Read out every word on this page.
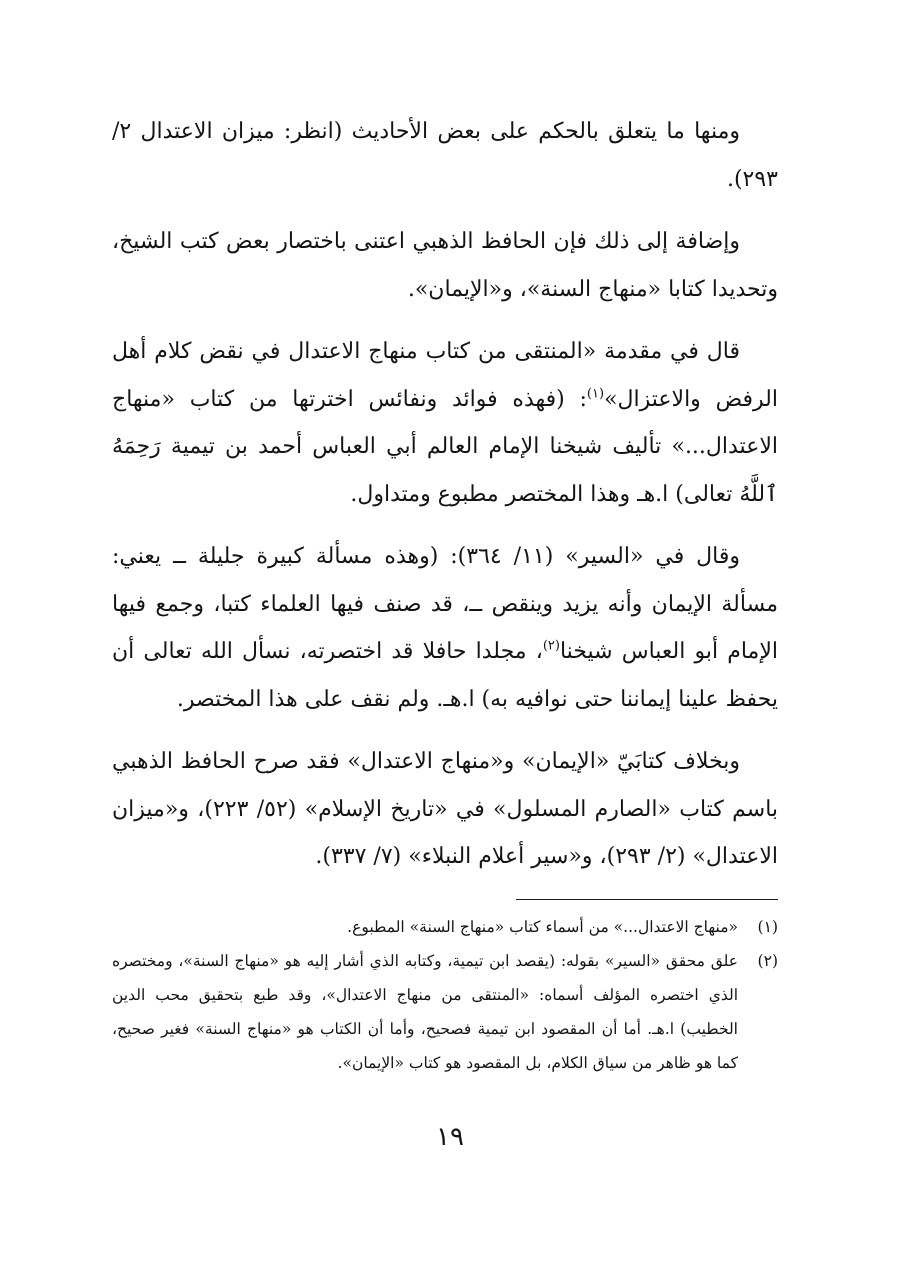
ومنها ما يتعلق بالحكم على بعض الأحاديث (انظر: ميزان الاعتدال ٢/ ٢٩٣).

وإضافة إلى ذلك فإن الحافظ الذهبي اعتنى باختصار بعض كتب الشيخ، وتحديدا كتابا «منهاج السنة»، و«الإيمان».

قال في مقدمة «المنتقى من كتاب منهاج الاعتدال في نقض كلام أهل الرفض والاعتزال»$^{(١)}$: (فهذه فوائد ونفائس اخترتها من كتاب «منهاج الاعتدال...» تأليف شيخنا الإمام العالم أبي العباس أحمد بن تيمية رَحِمَهُ ٱللَّهُ تعالى) ا.هـ وهذا المختصر مطبوع ومتداول.

وقال في «السير» (١١/ ٣٦٤): (وهذه مسألة كبيرة جليلة ــ يعني: مسألة الإيمان وأنه يزيد وينقص ــ، قد صنف فيها العلماء كتبا، وجمع فيها الإمام أبو العباس شيخنا$^{(٢)}$، مجلدا حافلا قد اختصرته، نسأل الله تعالى أن يحفظ علينا إيماننا حتى نوافيه به) ا.هـ. ولم نقف على هذا المختصر.

وبخلاف كتابَيّ «الإيمان» و«منهاج الاعتدال» فقد صرح الحافظ الذهبي باسم كتاب «الصارم المسلول» في «تاريخ الإسلام» (٥٢/ ٢٢٣)، و«ميزان الاعتدال» (٢/ ٢٩٣)، و«سير أعلام النبلاء» (٧/ ٣٣٧).

(١)
«منهاج الاعتدال...» من أسماء كتاب «منهاج السنة» المطبوع.
(٢)
علق محقق «السير» بقوله: (يقصد ابن تيمية، وكتابه الذي أشار إليه هو «منهاج السنة»، ومختصره الذي اختصره المؤلف أسماه: «المنتقى من منهاج الاعتدال»، وقد طبع بتحقيق محب الدين الخطيب) ا.هـ. أما أن المقصود ابن تيمية فصحيح، وأما أن الكتاب هو «منهاج السنة» فغير صحيح، كما هو ظاهر من سياق الكلام، بل المقصود هو كتاب «الإيمان».
١٩
